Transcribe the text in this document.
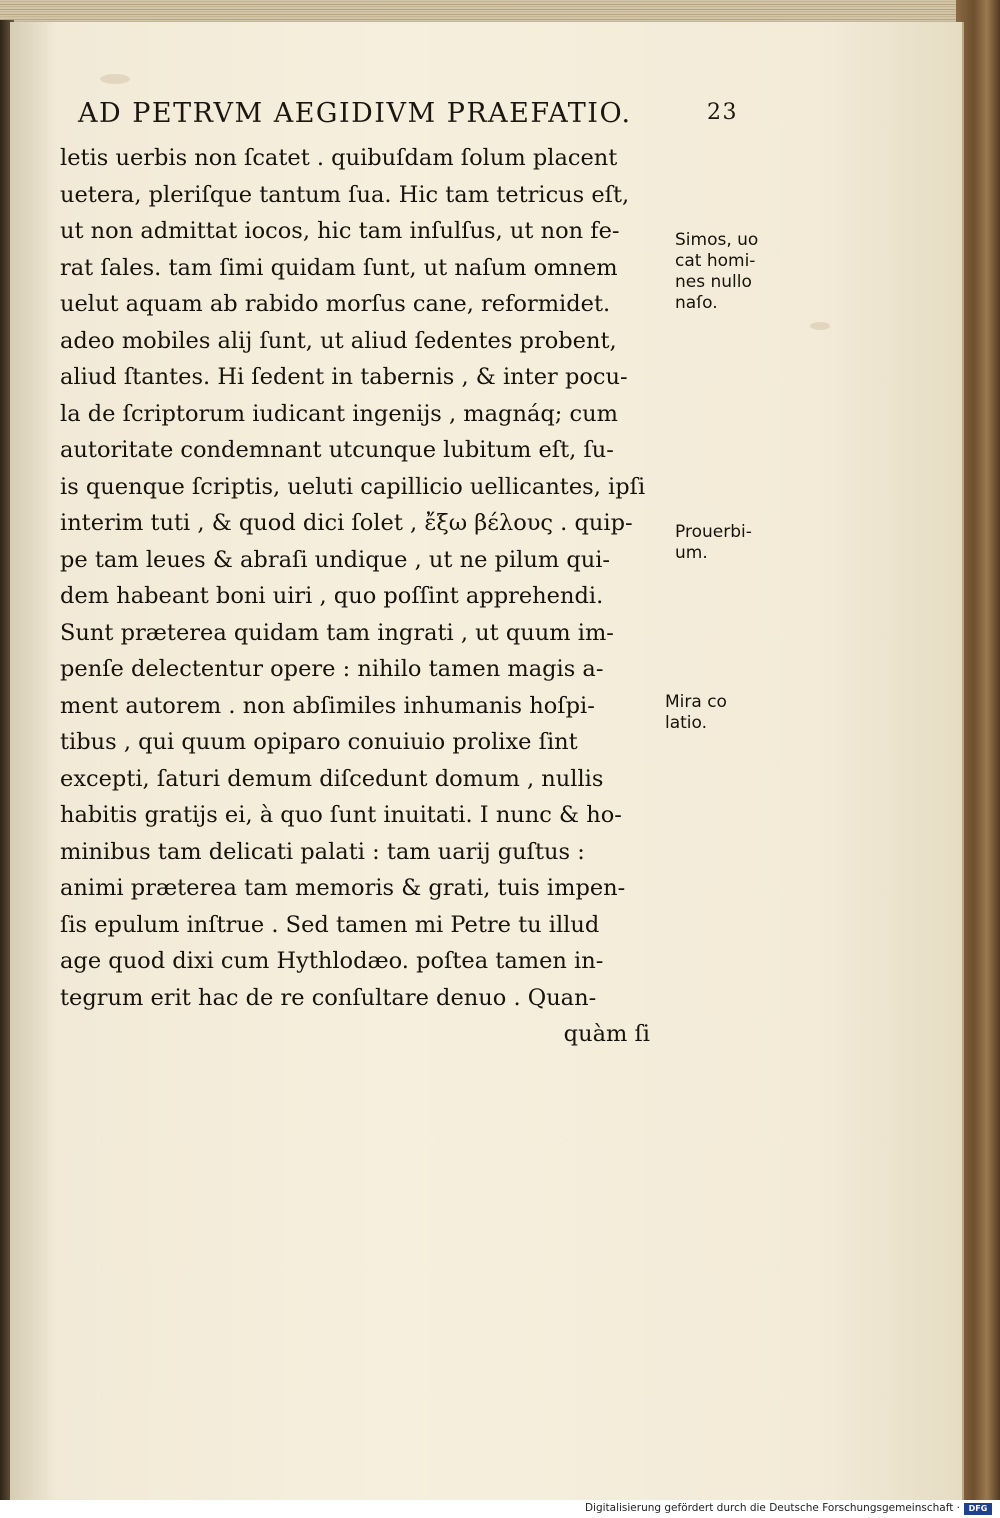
AD PETRVM AEGIDIVM PRAEFATIO.	23
letis uerbis non ſcatet . quibuſdam ſolum placent
uetera, pleriſque tantum ſua. Hic tam tetricus eſt,
ut non admittat iocos, hic tam inſulſus, ut non fe-
rat ſales. tam ſimi quidam ſunt, ut naſum omnem
uelut aquam ab rabido morſus cane, reformidet.
adeo mobiles alij ſunt, ut aliud ſedentes probent,
aliud ſtantes. Hi ſedent in tabernis , & inter pocu-
la de ſcriptorum iudicant ingenijs , magnáq; cum
autoritate condemnant utcunque lubitum eſt, ſu-
is quenque ſcriptis, ueluti capillicio uellicantes, ipſi
interim tuti , & quod dici ſolet , ἔξω βέλους . quip-
pe tam leues & abraſi undique , ut ne pilum qui-
dem habeant boni uiri , quo poſſint apprehendi.
Sunt præterea quidam tam ingrati , ut quum im-
penſe delectentur opere : nihilo tamen magis a-
ment autorem . non abſimiles inhumanis hoſpi-
tibus , qui quum opiparo conuiuio prolixe ſint
excepti, ſaturi demum diſcedunt domum , nullis
habitis gratijs ei, à quo ſunt inuitati. I nunc & ho-
minibus tam delicati palati : tam uarij guſtus :
animi præterea tam memoris & grati, tuis impen-
ſis epulum inſtrue . Sed tamen mi Petre tu illud
age quod dixi cum Hythlodæo. poſtea tamen in-
tegrum erit hac de re conſultare denuo . Quan-
quàm ſi
Simos, uo
cat homi-
nes nullo
naſo.
Prouerbi-
um.
Mira co
latio.
Digitalisierung gefördert durch die Deutsche Forschungsgemeinschaft ·	DFG
